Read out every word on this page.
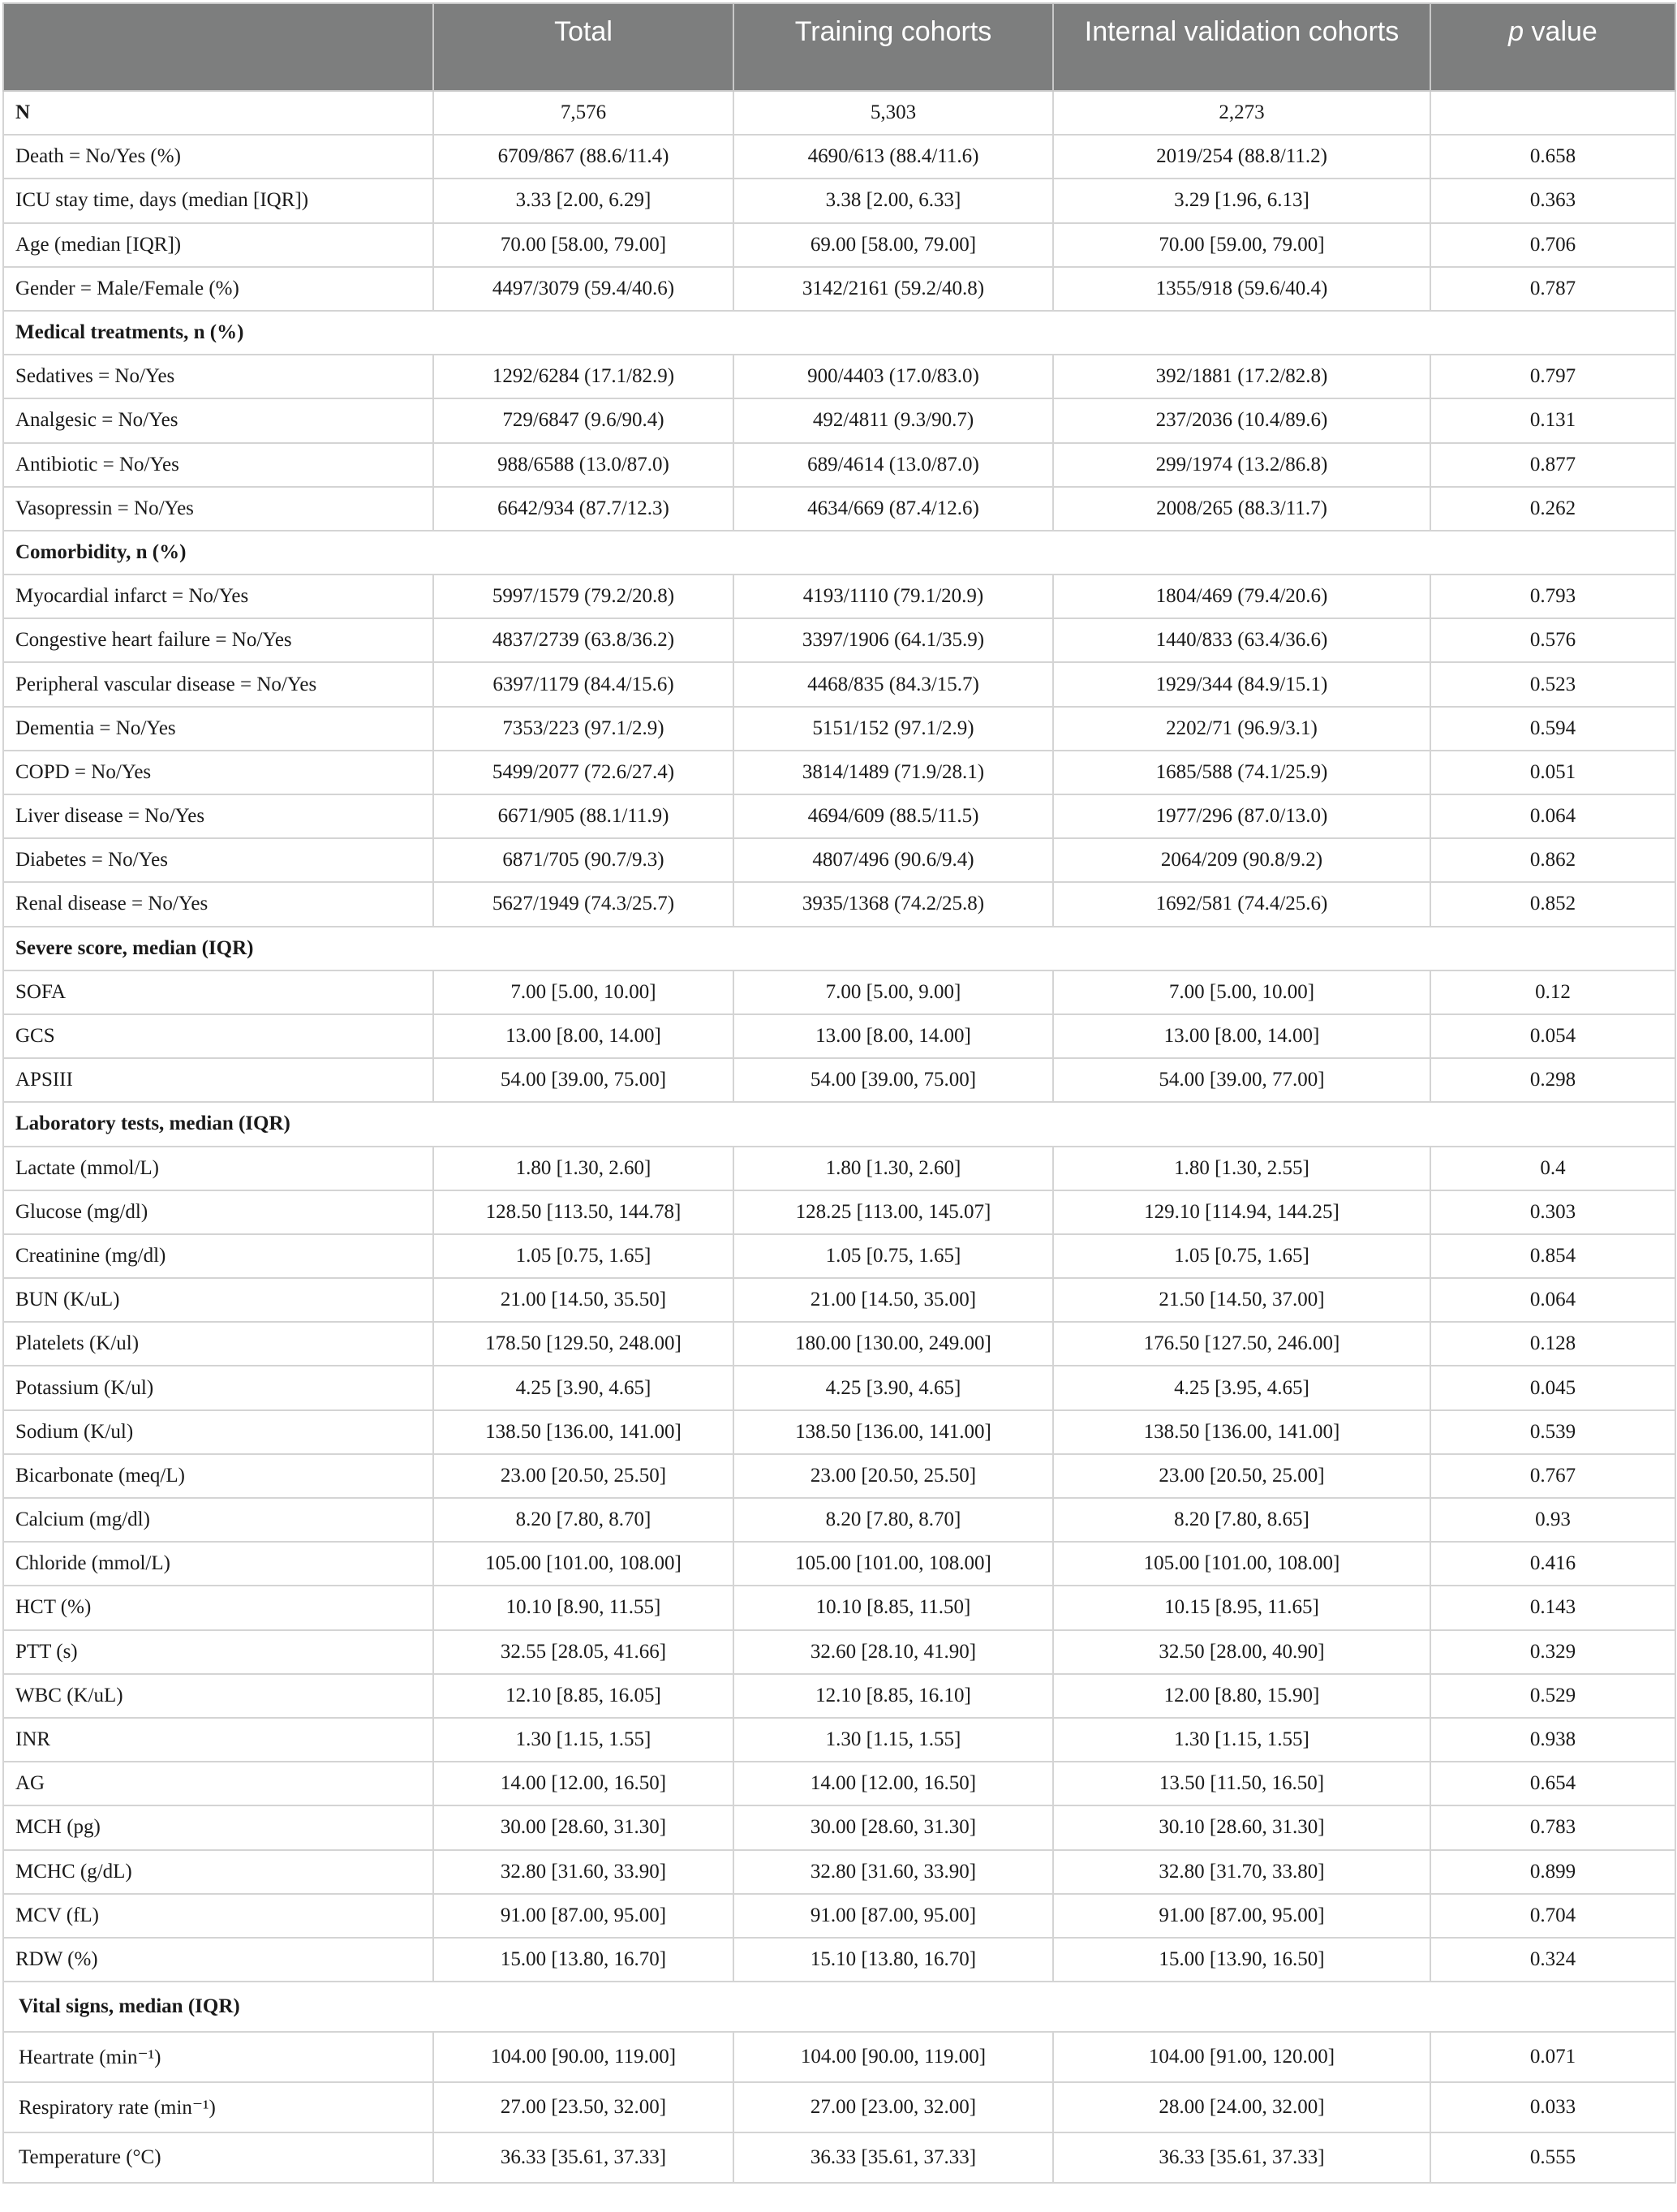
	Total	Training cohorts	Internal validation cohorts	p value
N	7,576	5,303	2,273	
Death = No/Yes (%)	6709/867 (88.6/11.4)	4690/613 (88.4/11.6)	2019/254 (88.8/11.2)	0.658
ICU stay time, days (median [IQR])	3.33 [2.00, 6.29]	3.38 [2.00, 6.33]	3.29 [1.96, 6.13]	0.363
Age (median [IQR])	70.00 [58.00, 79.00]	69.00 [58.00, 79.00]	70.00 [59.00, 79.00]	0.706
Gender = Male/Female (%)	4497/3079 (59.4/40.6)	3142/2161 (59.2/40.8)	1355/918 (59.6/40.4)	0.787
Medical treatments, n (%)				
Sedatives = No/Yes	1292/6284 (17.1/82.9)	900/4403 (17.0/83.0)	392/1881 (17.2/82.8)	0.797
Analgesic = No/Yes	729/6847 (9.6/90.4)	492/4811 (9.3/90.7)	237/2036 (10.4/89.6)	0.131
Antibiotic = No/Yes	988/6588 (13.0/87.0)	689/4614 (13.0/87.0)	299/1974 (13.2/86.8)	0.877
Vasopressin = No/Yes	6642/934 (87.7/12.3)	4634/669 (87.4/12.6)	2008/265 (88.3/11.7)	0.262
Comorbidity, n (%)				
Myocardial infarct = No/Yes	5997/1579 (79.2/20.8)	4193/1110 (79.1/20.9)	1804/469 (79.4/20.6)	0.793
Congestive heart failure = No/Yes	4837/2739 (63.8/36.2)	3397/1906 (64.1/35.9)	1440/833 (63.4/36.6)	0.576
Peripheral vascular disease = No/Yes	6397/1179 (84.4/15.6)	4468/835 (84.3/15.7)	1929/344 (84.9/15.1)	0.523
Dementia = No/Yes	7353/223 (97.1/2.9)	5151/152 (97.1/2.9)	2202/71 (96.9/3.1)	0.594
COPD = No/Yes	5499/2077 (72.6/27.4)	3814/1489 (71.9/28.1)	1685/588 (74.1/25.9)	0.051
Liver disease = No/Yes	6671/905 (88.1/11.9)	4694/609 (88.5/11.5)	1977/296 (87.0/13.0)	0.064
Diabetes = No/Yes	6871/705 (90.7/9.3)	4807/496 (90.6/9.4)	2064/209 (90.8/9.2)	0.862
Renal disease = No/Yes	5627/1949 (74.3/25.7)	3935/1368 (74.2/25.8)	1692/581 (74.4/25.6)	0.852
Severe score, median (IQR)				
SOFA	7.00 [5.00, 10.00]	7.00 [5.00, 9.00]	7.00 [5.00, 10.00]	0.12
GCS	13.00 [8.00, 14.00]	13.00 [8.00, 14.00]	13.00 [8.00, 14.00]	0.054
APSIII	54.00 [39.00, 75.00]	54.00 [39.00, 75.00]	54.00 [39.00, 77.00]	0.298
Laboratory tests, median (IQR)				
Lactate (mmol/L)	1.80 [1.30, 2.60]	1.80 [1.30, 2.60]	1.80 [1.30, 2.55]	0.4
Glucose (mg/dl)	128.50 [113.50, 144.78]	128.25 [113.00, 145.07]	129.10 [114.94, 144.25]	0.303
Creatinine (mg/dl)	1.05 [0.75, 1.65]	1.05 [0.75, 1.65]	1.05 [0.75, 1.65]	0.854
BUN (K/uL)	21.00 [14.50, 35.50]	21.00 [14.50, 35.00]	21.50 [14.50, 37.00]	0.064
Platelets (K/ul)	178.50 [129.50, 248.00]	180.00 [130.00, 249.00]	176.50 [127.50, 246.00]	0.128
Potassium (K/ul)	4.25 [3.90, 4.65]	4.25 [3.90, 4.65]	4.25 [3.95, 4.65]	0.045
Sodium (K/ul)	138.50 [136.00, 141.00]	138.50 [136.00, 141.00]	138.50 [136.00, 141.00]	0.539
Bicarbonate (meq/L)	23.00 [20.50, 25.50]	23.00 [20.50, 25.50]	23.00 [20.50, 25.00]	0.767
Calcium (mg/dl)	8.20 [7.80, 8.70]	8.20 [7.80, 8.70]	8.20 [7.80, 8.65]	0.93
Chloride (mmol/L)	105.00 [101.00, 108.00]	105.00 [101.00, 108.00]	105.00 [101.00, 108.00]	0.416
HCT (%)	10.10 [8.90, 11.55]	10.10 [8.85, 11.50]	10.15 [8.95, 11.65]	0.143
PTT (s)	32.55 [28.05, 41.66]	32.60 [28.10, 41.90]	32.50 [28.00, 40.90]	0.329
WBC (K/uL)	12.10 [8.85, 16.05]	12.10 [8.85, 16.10]	12.00 [8.80, 15.90]	0.529
INR	1.30 [1.15, 1.55]	1.30 [1.15, 1.55]	1.30 [1.15, 1.55]	0.938
AG	14.00 [12.00, 16.50]	14.00 [12.00, 16.50]	13.50 [11.50, 16.50]	0.654
MCH (pg)	30.00 [28.60, 31.30]	30.00 [28.60, 31.30]	30.10 [28.60, 31.30]	0.783
MCHC (g/dL)	32.80 [31.60, 33.90]	32.80 [31.60, 33.90]	32.80 [31.70, 33.80]	0.899
MCV (fL)	91.00 [87.00, 95.00]	91.00 [87.00, 95.00]	91.00 [87.00, 95.00]	0.704
RDW (%)	15.00 [13.80, 16.70]	15.10 [13.80, 16.70]	15.00 [13.90, 16.50]	0.324
Vital signs, median (IQR)				
Heartrate (min⁻¹)	104.00 [90.00, 119.00]	104.00 [90.00, 119.00]	104.00 [91.00, 120.00]	0.071
Respiratory rate (min⁻¹)	27.00 [23.50, 32.00]	27.00 [23.00, 32.00]	28.00 [24.00, 32.00]	0.033
Temperature (°C)	36.33 [35.61, 37.33]	36.33 [35.61, 37.33]	36.33 [35.61, 37.33]	0.555
